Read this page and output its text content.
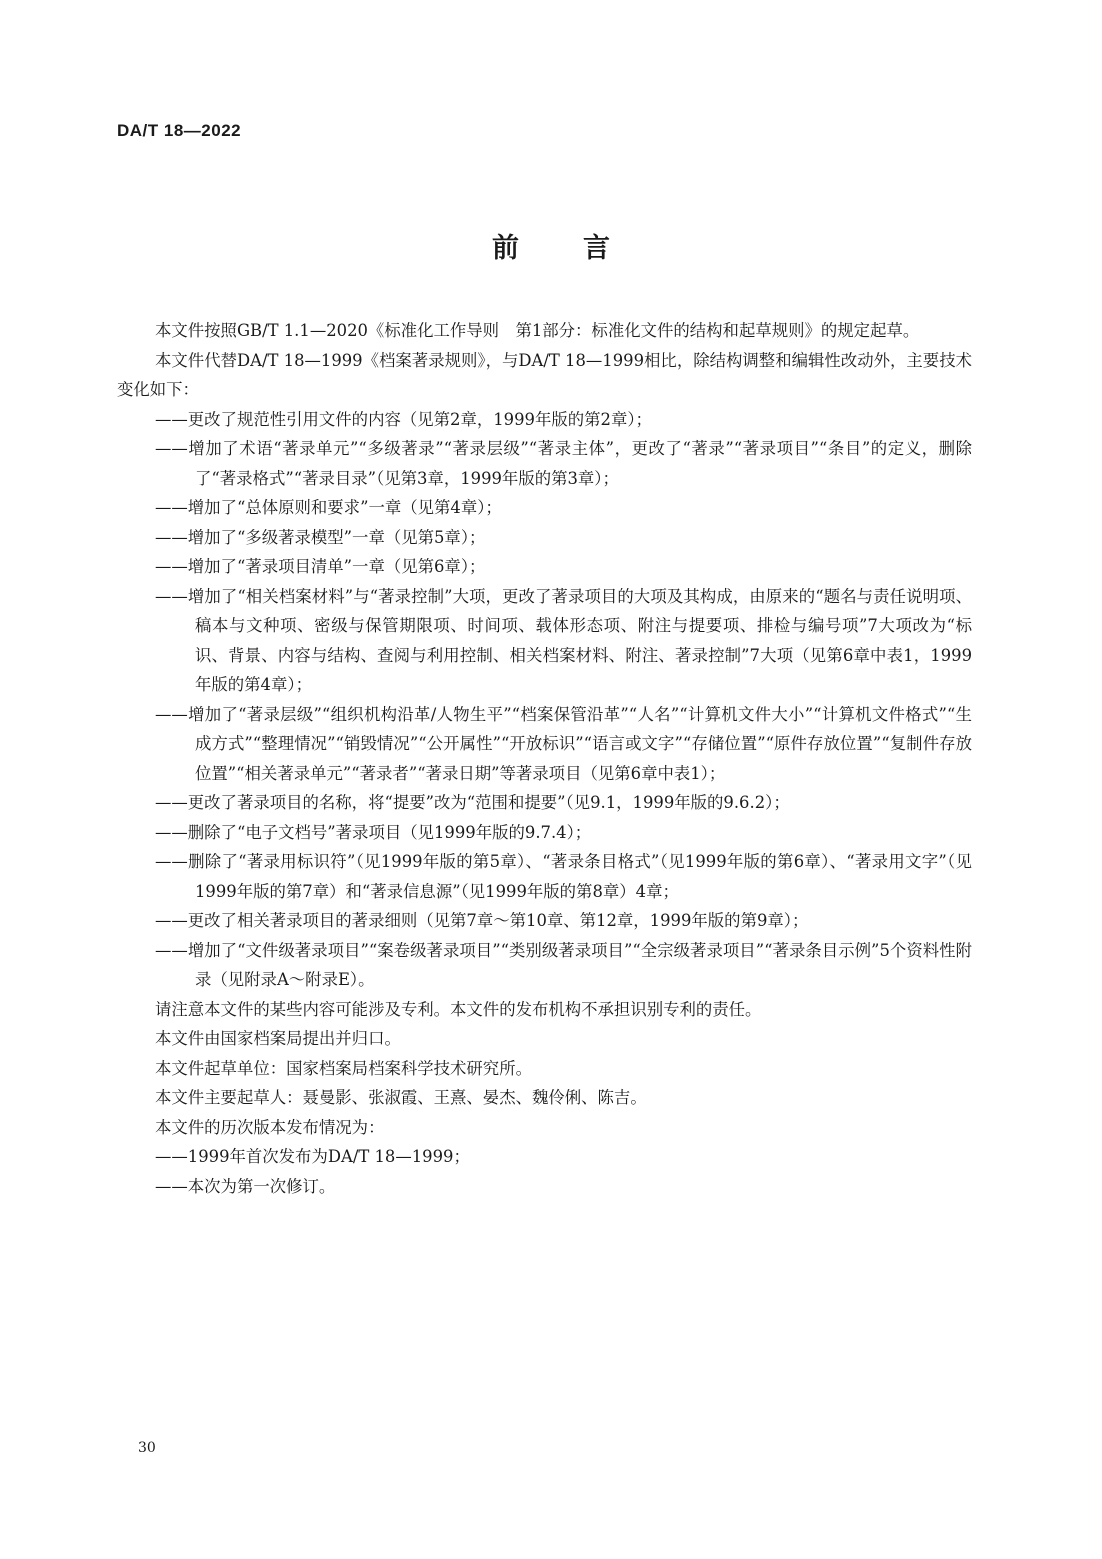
DA/T 18—2022
前言

本文件按照GB/T 1.1—2020《标准化工作导则　第1部分：标准化文件的结构和起草规则》的规定起草。

本文件代替DA/T 18—1999《档案著录规则》，与DA/T 18—1999相比，除结构调整和编辑性改动外，主要技术变化如下：

——更改了规范性引用文件的内容（见第2章，1999年版的第2章）；

——增加了术语“著录单元”“多级著录”“著录层级”“著录主体”，更改了“著录”“著录项目”“条目”的定义，删除了“著录格式”“著录目录”（见第3章，1999年版的第3章）；

——增加了“总体原则和要求”一章（见第4章）；

——增加了“多级著录模型”一章（见第5章）；

——增加了“著录项目清单”一章（见第6章）；

——增加了“相关档案材料”与“著录控制”大项，更改了著录项目的大项及其构成，由原来的“题名与责任说明项、稿本与文种项、密级与保管期限项、时间项、载体形态项、附注与提要项、排检与编号项”7大项改为“标识、背景、内容与结构、查阅与利用控制、相关档案材料、附注、著录控制”7大项（见第6章中表1，1999年版的第4章）；

——增加了“著录层级”“组织机构沿革/人物生平”“档案保管沿革”“人名”“计算机文件大小”“计算机文件格式”“生成方式”“整理情况”“销毁情况”“公开属性”“开放标识”“语言或文字”“存储位置”“原件存放位置”“复制件存放位置”“相关著录单元”“著录者”“著录日期”等著录项目（见第6章中表1）；

——更改了著录项目的名称，将“提要”改为“范围和提要”（见9.1，1999年版的9.6.2）；

——删除了“电子文档号”著录项目（见1999年版的9.7.4）；

——删除了“著录用标识符”（见1999年版的第5章）、“著录条目格式”（见1999年版的第6章）、“著录用文字”（见1999年版的第7章）和“著录信息源”（见1999年版的第8章）4章；

——更改了相关著录项目的著录细则（见第7章～第10章、第12章，1999年版的第9章）；

——增加了“文件级著录项目”“案卷级著录项目”“类别级著录项目”“全宗级著录项目”“著录条目示例”5个资料性附录（见附录A～附录E）。

请注意本文件的某些内容可能涉及专利。本文件的发布机构不承担识别专利的责任。

本文件由国家档案局提出并归口。

本文件起草单位：国家档案局档案科学技术研究所。

本文件主要起草人：聂曼影、张淑霞、王熹、晏杰、魏伶俐、陈吉。

本文件的历次版本发布情况为：

——1999年首次发布为DA/T 18—1999；

——本次为第一次修订。

30
